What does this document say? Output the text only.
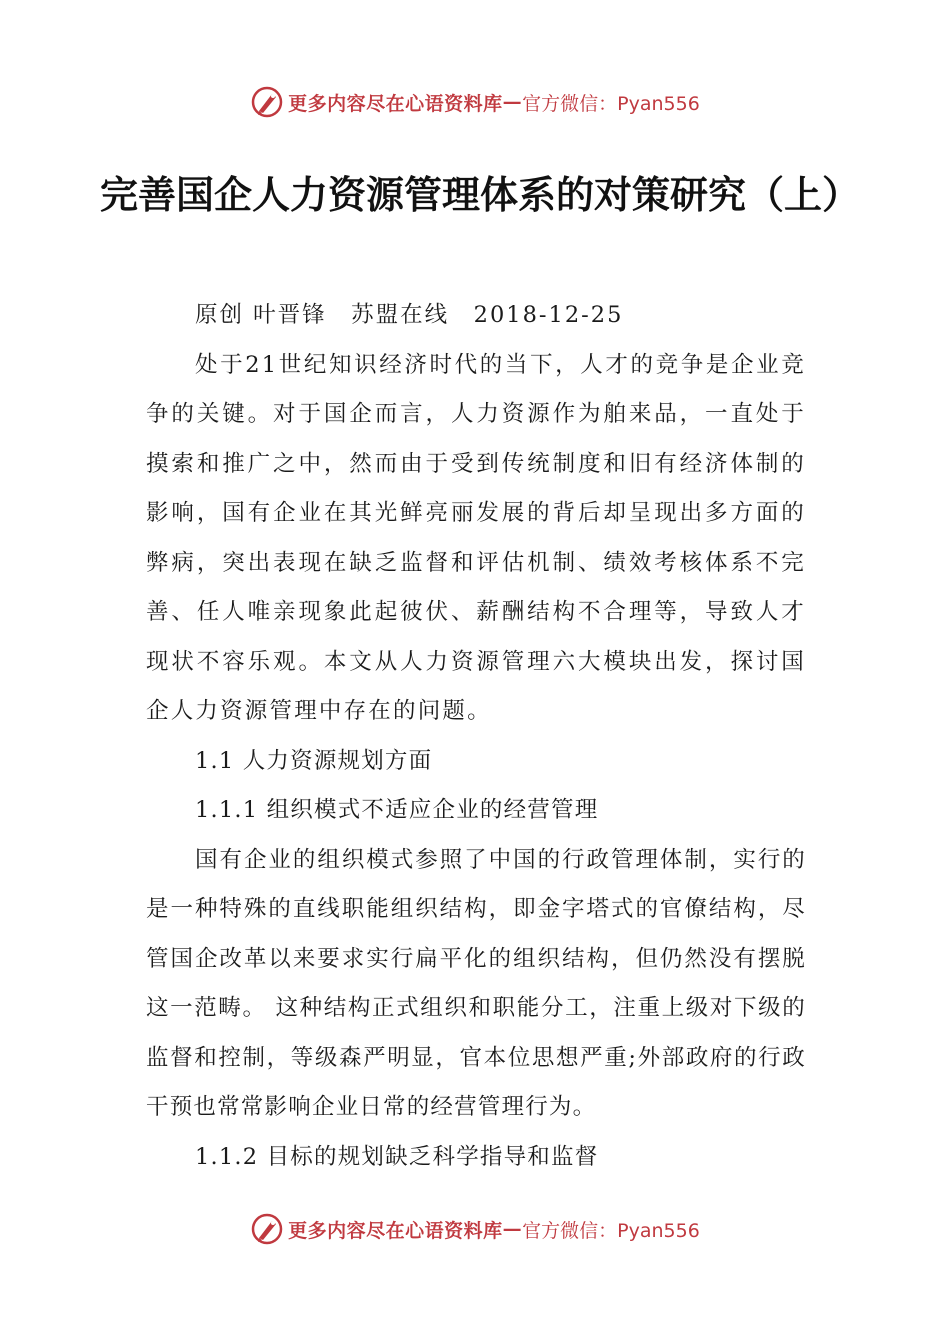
更多内容尽在心语资料库 — 官方微信：Pyan556
完善国企人力资源管理体系的对策研究（上）

原创 叶晋锋　苏盟在线　2018-12-25

处于21世纪知识经济时代的当下，人才的竞争是企业竞争的关键。对于国企而言，人力资源作为舶来品，一直处于摸索和推广之中，然而由于受到传统制度和旧有经济体制的影响，国有企业在其光鲜亮丽发展的背后却呈现出多方面的弊病，突出表现在缺乏监督和评估机制、绩效考核体系不完善、任人唯亲现象此起彼伏、薪酬结构不合理等，导致人才现状不容乐观。本文从人力资源管理六大模块出发，探讨国企人力资源管理中存在的问题。

1.1 人力资源规划方面

1.1.1 组织模式不适应企业的经营管理

国有企业的组织模式参照了中国的行政管理体制，实行的是一种特殊的直线职能组织结构，即金字塔式的官僚结构，尽管国企改革以来要求实行扁平化的组织结构，但仍然没有摆脱这一范畴。 这种结构正式组织和职能分工，注重上级对下级的监督和控制，等级森严明显，官本位思想严重;外部政府的行政干预也常常影响企业日常的经营管理行为。

1.1.2 目标的规划缺乏科学指导和监督

更多内容尽在心语资料库 — 官方微信：Pyan556
